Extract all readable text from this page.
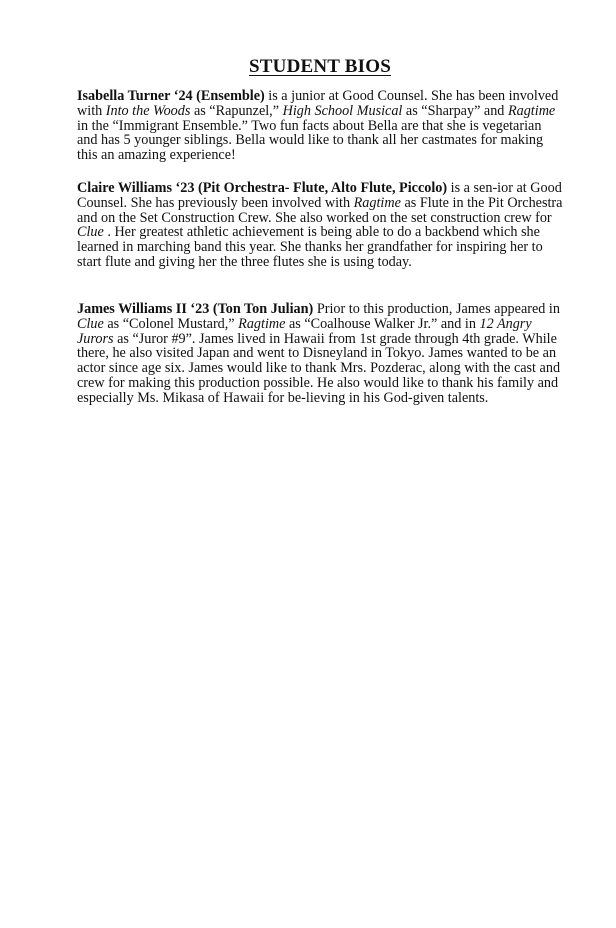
STUDENT BIOS

Isabella Turner ‘24 (Ensemble) is a junior at Good Counsel. She has been involved with Into the Woods as “Rapunzel,” High School Musical as “Sharpay” and Ragtime in the “Immigrant Ensemble.” Two fun facts about Bella are that she is vegetarian and has 5 younger siblings. Bella would like to thank all her castmates for making this an amazing experience!

Claire Williams ‘23 (Pit Orchestra- Flute, Alto Flute, Piccolo) is a sen-ior at Good Counsel. She has previously been involved with Ragtime as Flute in the Pit Orchestra and on the Set Construction Crew. She also worked on the set construction crew for Clue . Her greatest athletic achievement is being able to do a backbend which she learned in marching band this year. She thanks her grandfather for inspiring her to start flute and giving her the three flutes she is using today.

James Williams II ‘23 (Ton Ton Julian) Prior to this production, James appeared in Clue as “Colonel Mustard,” Ragtime as “Coalhouse Walker Jr.” and in 12 Angry Jurors as “Juror #9”. James lived in Hawaii from 1st grade through 4th grade. While there, he also visited Japan and went to Disneyland in Tokyo. James wanted to be an actor since age six. James would like to thank Mrs. Pozderac, along with the cast and crew for making this production possible. He also would like to thank his family and especially Ms. Mikasa of Hawaii for be-lieving in his God-given talents.
